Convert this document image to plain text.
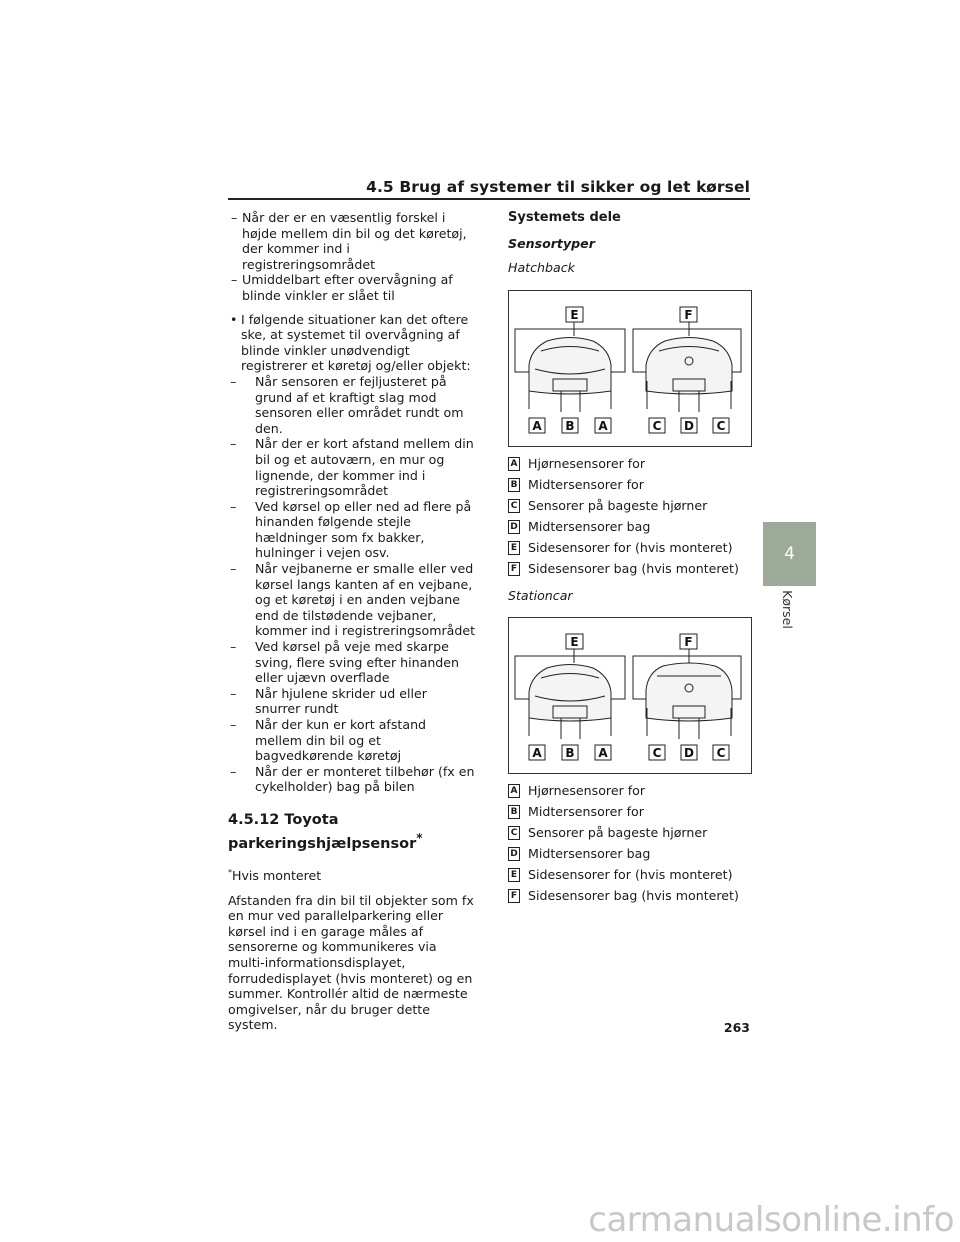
4.5 Brug af systemer til sikker og let kørsel
– Når der er en væsentlig forskel i højde mellem din bil og det køretøj, der kommer ind i registreringsområdet
– Umiddelbart efter overvågning af blinde vinkler er slået til
• I følgende situationer kan det oftere ske, at systemet til overvågning af blinde vinkler unødvendigt registrerer et køretøj og/eller objekt:
– Når sensoren er fejljusteret på grund af et kraftigt slag mod sensoren eller området rundt om den.
– Når der er kort afstand mellem din bil og et autoværn, en mur og lignende, der kommer ind i registreringsområdet
– Ved kørsel op eller ned ad flere på hinanden følgende stejle hældninger som fx bakker, hulninger i vejen osv.
– Når vejbanerne er smalle eller ved kørsel langs kanten af en vejbane, og et køretøj i en anden vejbane end de tilstødende vejbaner, kommer ind i registreringsområdet
– Ved kørsel på veje med skarpe sving, flere sving efter hinanden eller ujævn overflade
– Når hjulene skrider ud eller snurrer rundt
– Når der kun er kort afstand mellem din bil og et bagvedkørende køretøj
– Når der er monteret tilbehør (fx en cykelholder) bag på bilen
4.5.12 Toyota parkeringshjælpsensor*
*Hvis monteret
Afstanden fra din bil til objekter som fx en mur ved parallelparkering eller kørsel ind i en garage måles af sensorerne og kommunikeres via multi-informationsdisplayet, forrudedisplayet (hvis monteret) og en summer. Kontrollér altid de nærmeste omgivelser, når du bruger dette system.
Systemets dele
Sensortyper
Hatchback
E	F
A B A	C D C
A Hjørnesensorer for
B Midtersensorer for
C Sensorer på bageste hjørner
D Midtersensorer bag
E Sidesensorer for (hvis monteret)
F Sidesensorer bag (hvis monteret)
Stationcar
E	F
A B A	C D C
A Hjørnesensorer for
B Midtersensorer for
C Sensorer på bageste hjørner
D Midtersensorer bag
E Sidesensorer for (hvis monteret)
F Sidesensorer bag (hvis monteret)
4
Kørsel
263
carmanualsonline.info
